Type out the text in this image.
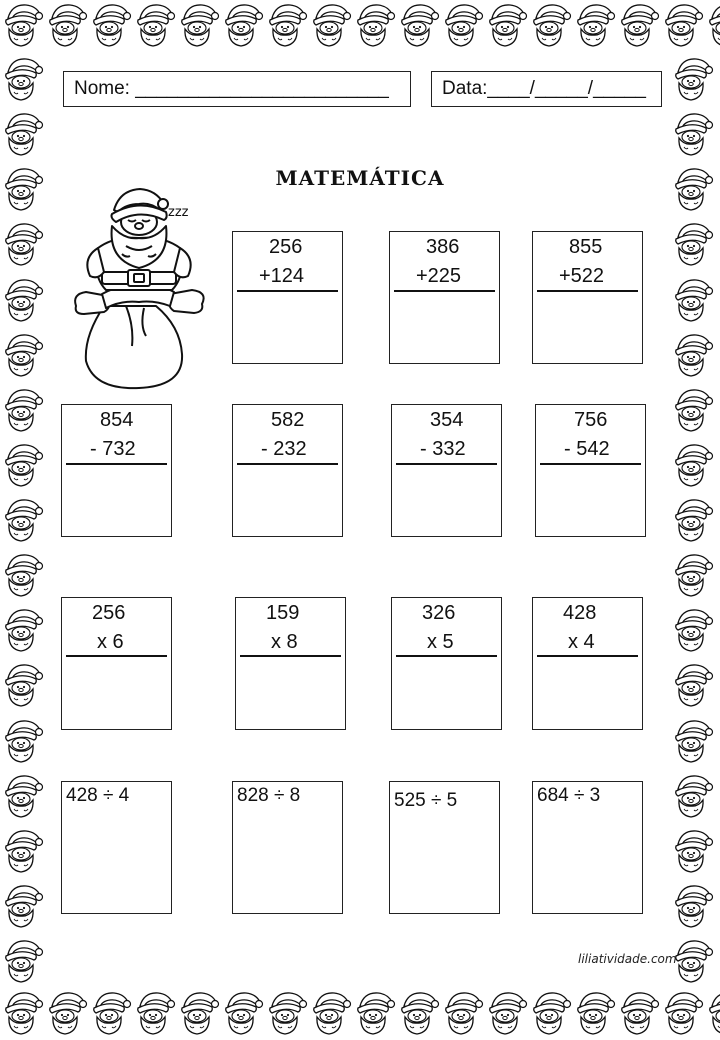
Nome: ________________________	Data:____/_____/_____
MATEMÁTICA
zzz
256
+124
386
+225
855
+522
854
- 732
582
- 232
354
- 332
756
- 542
256
x 6
159
x 8
326
x 5
428
x 4
428 ÷ 4	828 ÷ 8	525 ÷ 5	684 ÷ 3
liliatividade.com
